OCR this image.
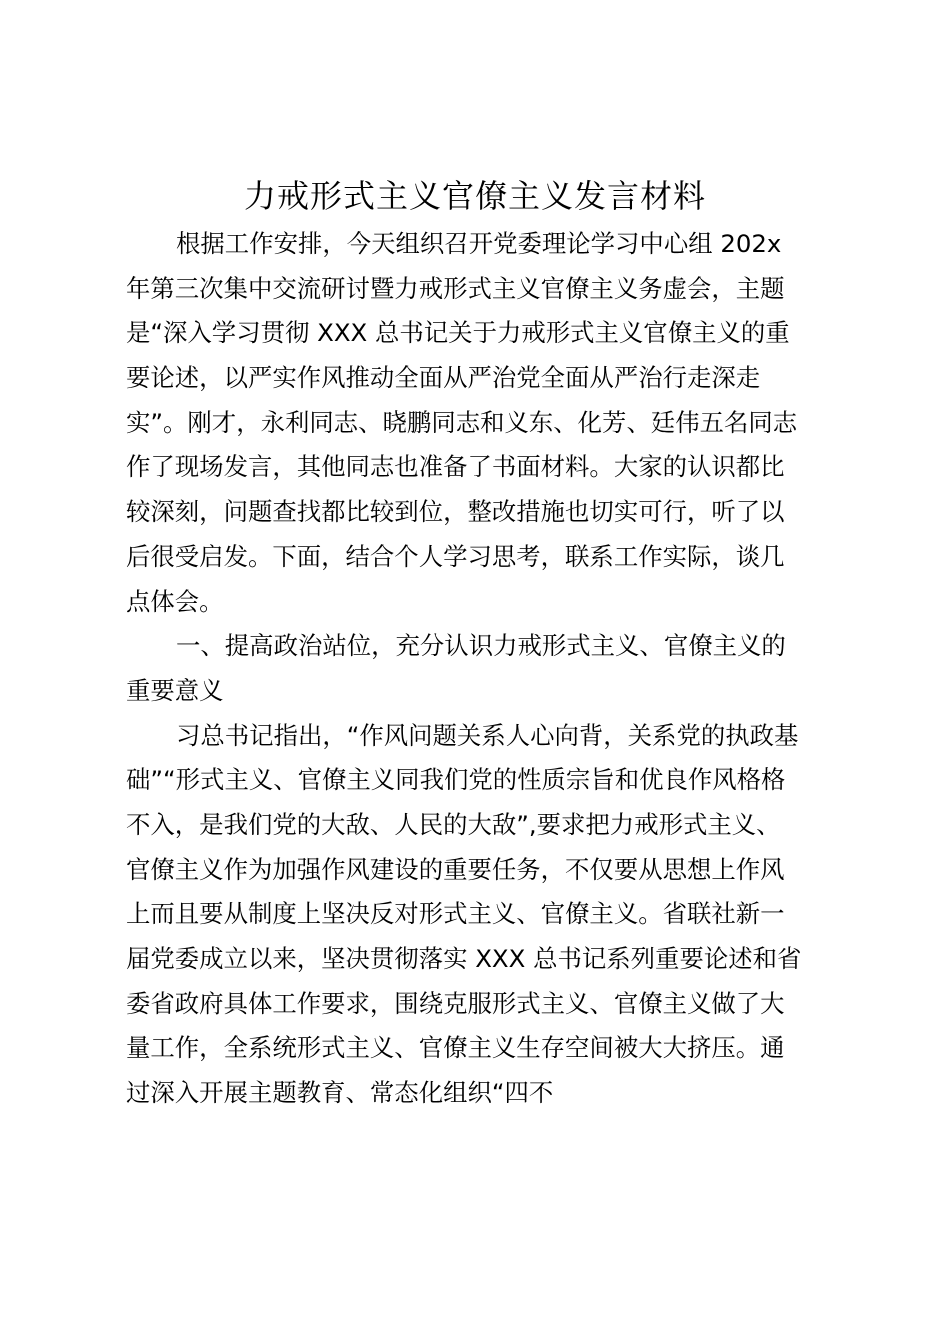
力戒形式主义官僚主义发言材料
根据工作安排，今天组织召开党委理论学习中心组 202x
年第三次集中交流研讨暨力戒形式主义官僚主义务虚会，主题
是“深入学习贯彻 XXX 总书记关于力戒形式主义官僚主义的重
要论述，以严实作风推动全面从严治党全面从严治行走深走
实”。刚才，永利同志、晓鹏同志和义东、化芳、廷伟五名同志
作了现场发言，其他同志也准备了书面材料。大家的认识都比
较深刻，问题查找都比较到位，整改措施也切实可行，听了以
后很受启发。下面，结合个人学习思考，联系工作实际，谈几
点体会。
一、提高政治站位，充分认识力戒形式主义、官僚主义的
重要意义
习总书记指出，“作风问题关系人心向背，关系党的执政基
础”“形式主义、官僚主义同我们党的性质宗旨和优良作风格格
不入，是我们党的大敌、人民的大敌”,要求把力戒形式主义、
官僚主义作为加强作风建设的重要任务，不仅要从思想上作风
上而且要从制度上坚决反对形式主义、官僚主义。省联社新一
届党委成立以来，坚决贯彻落实 XXX 总书记系列重要论述和省
委省政府具体工作要求，围绕克服形式主义、官僚主义做了大
量工作，全系统形式主义、官僚主义生存空间被大大挤压。通
过深入开展主题教育、常态化组织“四不
